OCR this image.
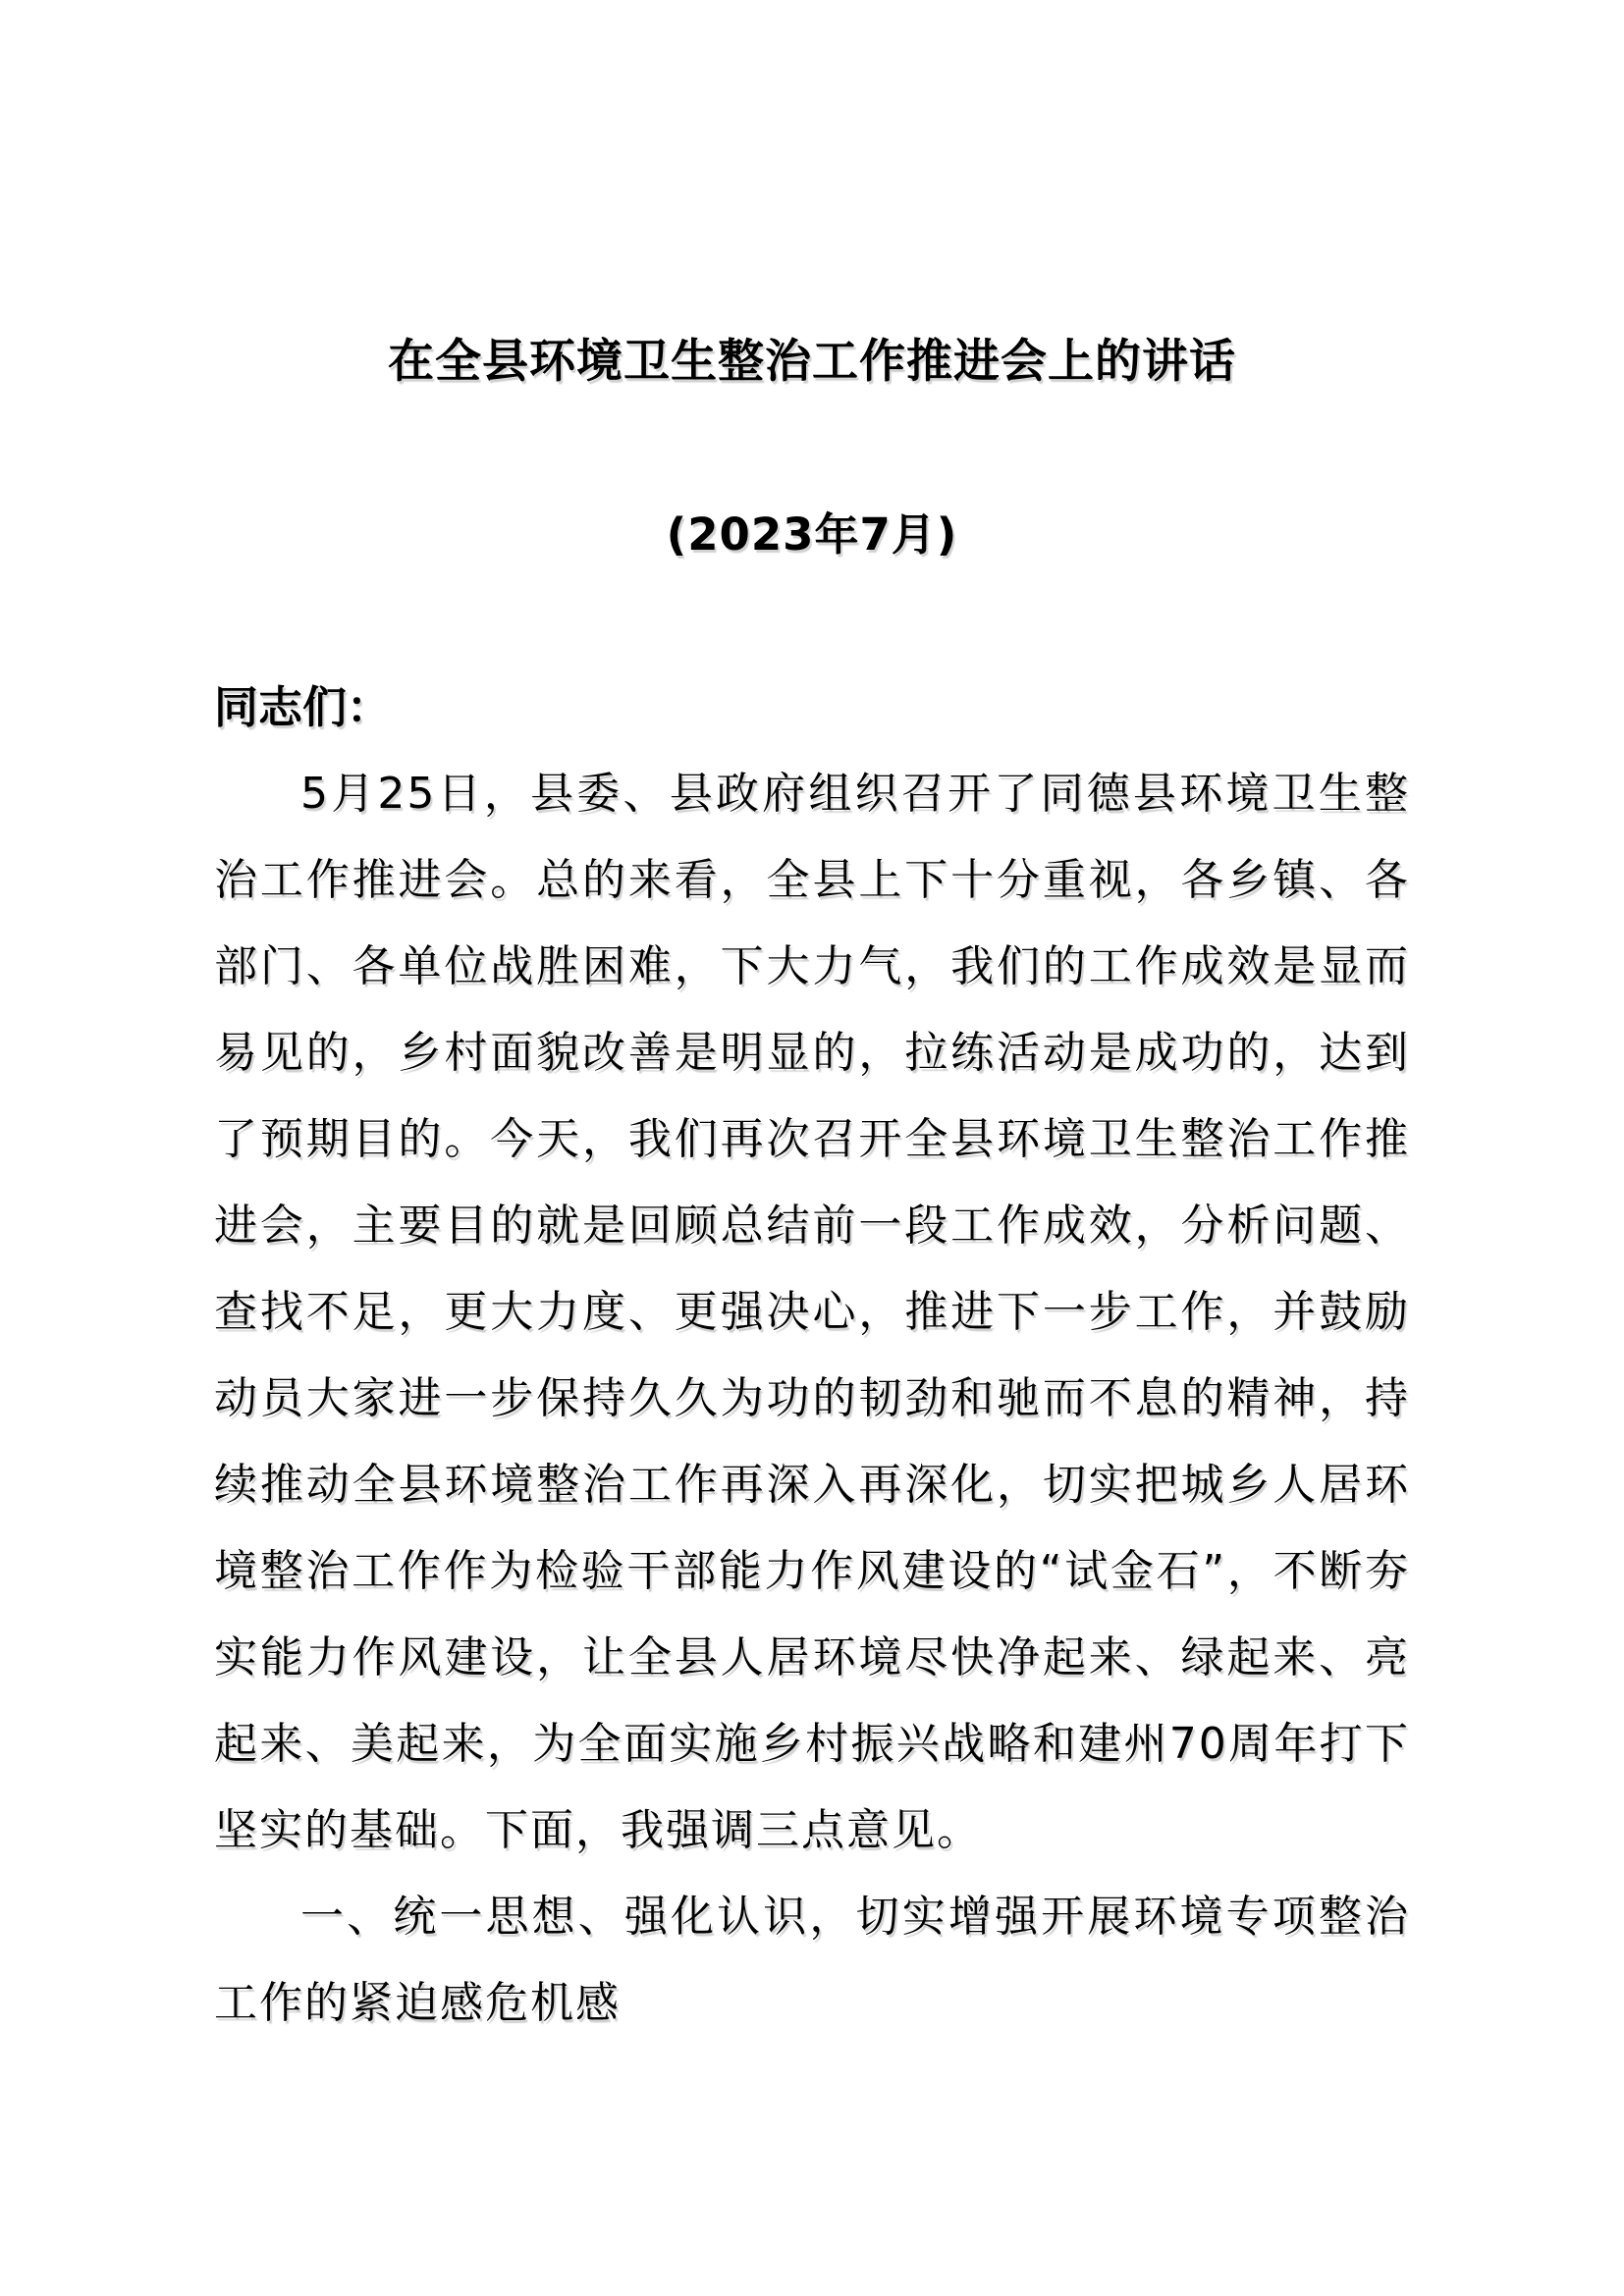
在全县环境卫生整治工作推进会上的讲话
(2023年7月)
同志们：

5月25日，县委、县政府组织召开了同德县环境卫生整治工作推进会。总的来看，全县上下十分重视，各乡镇、各部门、各单位战胜困难，下大力气，我们的工作成效是显而易见的，乡村面貌改善是明显的，拉练活动是成功的，达到了预期目的。今天，我们再次召开全县环境卫生整治工作推进会，主要目的就是回顾总结前一段工作成效，分析问题、查找不足，更大力度、更强决心，推进下一步工作，并鼓励动员大家进一步保持久久为功的韧劲和驰而不息的精神，持续推动全县环境整治工作再深入再深化，切实把城乡人居环境整治工作作为检验干部能力作风建设的“试金石”，不断夯实能力作风建设，让全县人居环境尽快净起来、绿起来、亮起来、美起来，为全面实施乡村振兴战略和建州70周年打下坚实的基础。下面，我强调三点意见。

一、统一思想、强化认识，切实增强开展环境专项整治工作的紧迫感危机感
